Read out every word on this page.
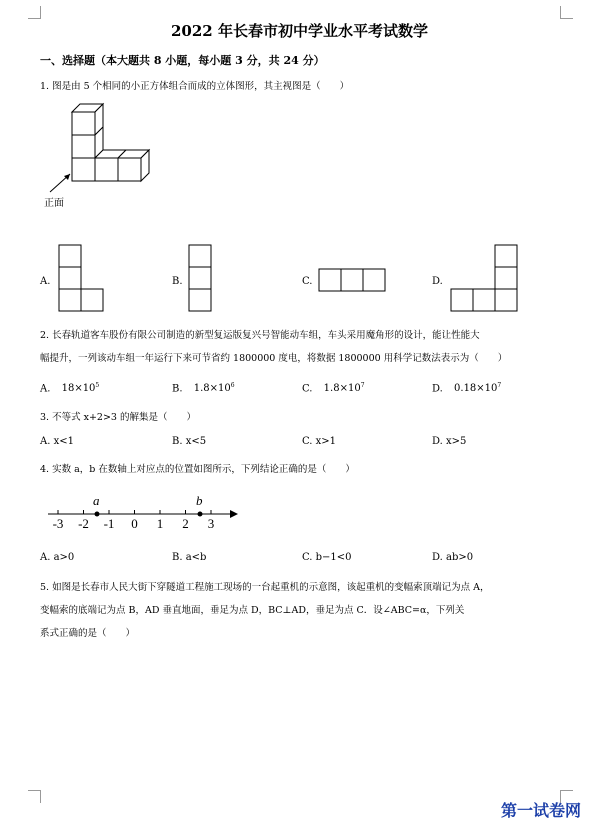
2022 年长春市初中学业水平考试数学
一、选择题（本大题共 8 小题，每小题 3 分，共 24 分）
1. 图是由 5 个相同的小正方体组合而成的立体图形，其主视图是（　　）
正面
A.	B.	C.	D.
2. 长春轨道客车股份有限公司制造的新型复运版复兴号智能动车组，车头采用魔角形的设计，能让性能大
幅提升，一列该动车组一年运行下来可节省约 1800000 度电，将数据 1800000 用科学记数法表示为（　　）
A. $18\times 10^5$	B. $1.8\times 10^6$	C. $1.8\times 10^7$	D. $0.18\times 10^7$
3. 不等式 x+2>3 的解集是（　　）
A. x<1	B. x<5	C. x>1	D. x>5
4. 实数 a，b 在数轴上对应点的位置如图所示，下列结论正确的是（　　）
-3 -2 -1 0 1 2 3
a	b
A. a>0	B. a<b	C. b−1<0	D. ab>0
5. 如图是长春市人民大街下穿隧道工程施工现场的一台起重机的示意图，该起重机的变幅索顶端记为点 A，
变幅索的底端记为点 B，AD 垂直地面，垂足为点 D，BC⊥AD，垂足为点 C．设∠ABC=α，下列关
系式正确的是（　　）
第一试卷网
